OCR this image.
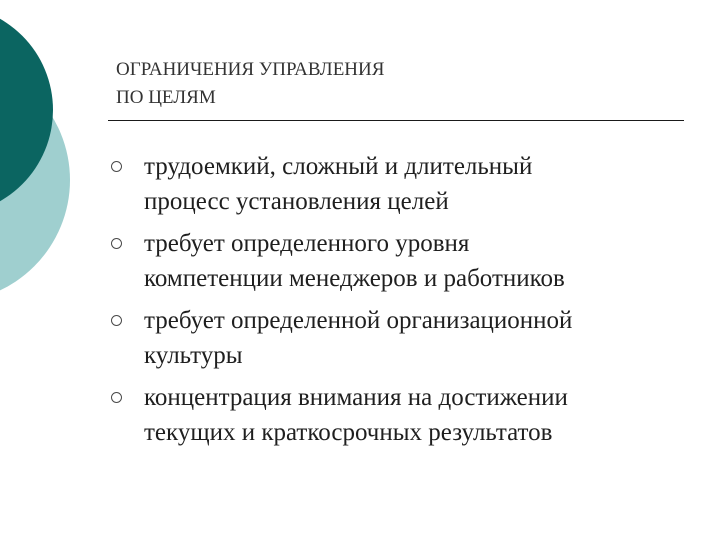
ОГРАНИЧЕНИЯ УПРАВЛЕНИЯ
ПО ЦЕЛЯМ
трудоемкий, сложный и длительный
процесс установления целей
требует определенного уровня
компетенции менеджеров и работников
требует определенной организационной
культуры
концентрация внимания на достижении
текущих и краткосрочных результатов
